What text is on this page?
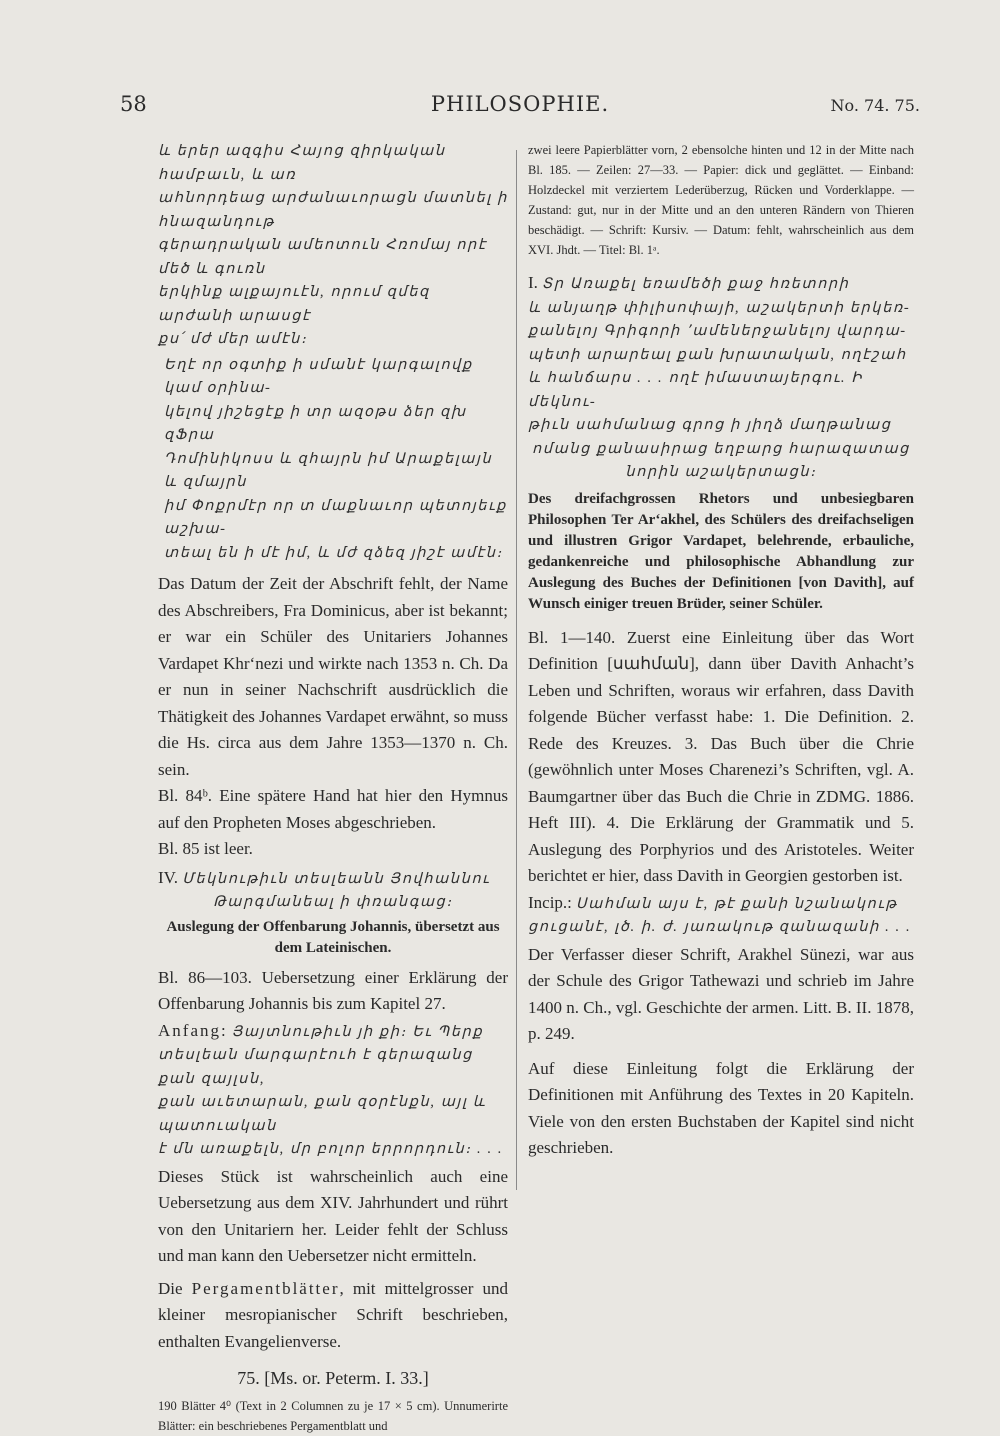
58	PHILOSOPHIE.	No. 74. 75.
և երեր ազգիս Հայոց զիրկական համբաւն, և առ
ահնորդեաց արժանաւորացն մատնել ի հնազանդութ
գերադրական ամեոտուն Հռոմայ որէ մեծ և գուռն
երկինք ալքայուէն, որում զմեզ արժանի արասցէ
քս՛ մժ մեր ամէն։
Եղէ որ օգտիք ի սմանէ կարգալովք կամ օրինա-
կելով յիշեցէք ի տր ազօթս ձեր զխ զՖրա
Դոմինիկոսս և զհայրն իմ Արաքելայն և զմայրն
իմ Փոքրմէր որ տ մաքնաւոր պետոյեւք աշխա-
տեալ են ի մէ իմ, և մժ զձեզ յիշէ ամէն։

Das Datum der Zeit der Abschrift fehlt, der Name des Abschreibers, Fra Dominicus, aber ist bekannt; er war ein Schüler des Unitariers Johannes Vardapet Khrʻnezi und wirkte nach 1353 n. Ch. Da er nun in seiner Nachschrift ausdrücklich die Thätigkeit des Johannes Vardapet erwähnt, so muss die Hs. circa aus dem Jahre 1353—1370 n. Ch. sein.

Bl. 84ᵇ. Eine spätere Hand hat hier den Hymnus auf den Propheten Moses abgeschrieben.

Bl. 85 ist leer.

IV. Մեկնութիւն տեսլեանն Յովհաննու
Թարգմանեալ ի փռանգաց։
Auslegung der Offenbarung Johannis, übersetzt aus dem Lateinischen.

Bl. 86—103. Uebersetzung einer Erklärung der Offenbarung Johannis bis zum Kapitel 27.

Anfang: Յայտնութիւն յի քի։ Եւ Պերք
տեսլեան մարգարէուհ է գերազանց քան զայլսն,
քան աւետարան, քան զօրէնքն, այլ և պատուական
է մն առաքելն, մր բոլոր երրորդուն։ . . .

Dieses Stück ist wahrscheinlich auch eine Uebersetzung aus dem XIV. Jahrhundert und rührt von den Unitariern her. Leider fehlt der Schluss und man kann den Uebersetzer nicht ermitteln.

Die Pergamentblätter, mit mittelgrosser und kleiner mesropianischer Schrift beschrieben, enthalten Evangelienverse.

75. [Ms. or. Peterm. I. 33.]
190 Blätter 4⁰ (Text in 2 Columnen zu je 17 × 5 cm). Unnumerirte Blätter: ein beschriebenes Pergamentblatt und
zwei leere Papierblätter vorn, 2 ebensolche hinten und 12 in der Mitte nach Bl. 185. — Zeilen: 27—33. — Papier: dick und geglättet. — Einband: Holzdeckel mit verziertem Lederüberzug, Rücken und Vorderklappe. — Zustand: gut, nur in der Mitte und an den unteren Rändern von Thieren beschädigt. — Schrift: Kursiv. — Datum: fehlt, wahrscheinlich aus dem XVI. Jhdt. — Titel: Bl. 1ᵃ.
I. Տր Առաքել եռամեծի քաջ հռետորի
և անյաղթ փիլիսոփայի, աշակերտի երկեռ-
քանելոյ Գրիգորի ՚ամեներջանելոյ վարդա-
պետի արարեալ քան խրատական, ողէշահ
և հանճարս . . . ողէ իմաստայերգու. Ի մեկնու-
թիւն սահմանաց գրոց ի յիղձ մաղթանաց
ոմանց քանասիրաց եղբարց հարազատաց
նորին աշակերտացն։
Des dreifachgrossen Rhetors und unbesiegbaren Philosophen Ter Arʻakhel, des Schülers des dreifachseligen und illustren Grigor Vardapet, belehrende, erbauliche, gedankenreiche und philosophische Abhandlung zur Auslegung des Buches der Definitionen [von Davith], auf Wunsch einiger treuen Brüder, seiner Schüler.

Bl. 1—140. Zuerst eine Einleitung über das Wort Definition [սահման], dann über Davith Anhacht’s Leben und Schriften, woraus wir erfahren, dass Davith folgende Bücher verfasst habe: 1. Die Definition. 2. Rede des Kreuzes. 3. Das Buch über die Chrie (gewöhnlich unter Moses Charenezi’s Schriften, vgl. A. Baumgartner über das Buch die Chrie in ZDMG. 1886. Heft III). 4. Die Erklärung der Grammatik und 5. Auslegung des Porphyrios und des Aristoteles. Weiter berichtet er hier, dass Davith in Georgien gestorben ist.

Incip.: Սահման այս է, թէ քանի նշանակութ
ցուցանէ, լծ. ի. ժ. յառակութ զանազանի . . .

Der Verfasser dieser Schrift, Arakhel Sünezi, war aus der Schule des Grigor Tathewazi und schrieb im Jahre 1400 n. Ch., vgl. Geschichte der armen. Litt. B. II. 1878, p. 249.

Auf diese Einleitung folgt die Erklärung der Definitionen mit Anführung des Textes in 20 Kapiteln. Viele von den ersten Buchstaben der Kapitel sind nicht geschrieben.
